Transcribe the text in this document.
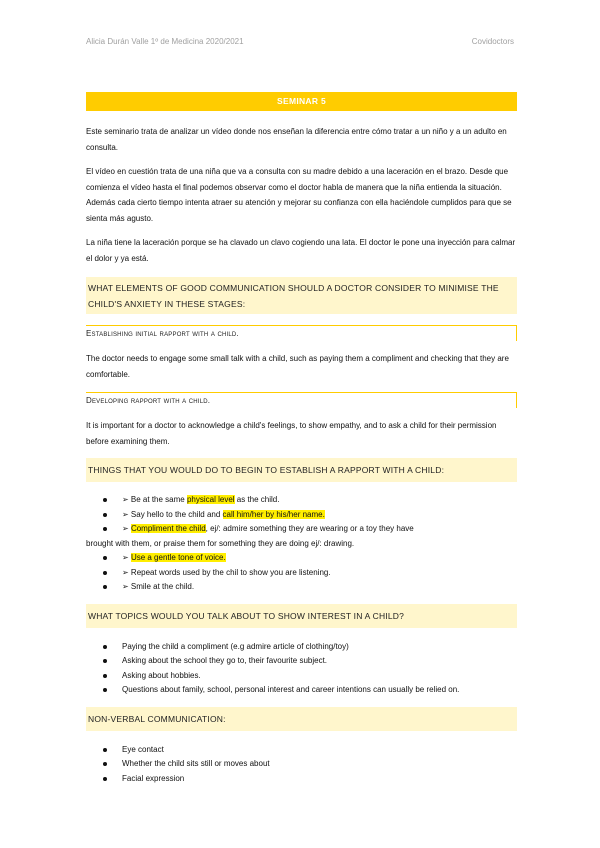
Alicia Durán Valle 1º de Medicina 2020/2021	Covidoctors
SEMINAR 5

Este seminario trata de analizar un vídeo donde nos enseñan la diferencia entre cómo tratar a un niño y a un adulto en consulta.

El vídeo en cuestión trata de una niña que va a consulta con su madre debido a una laceración en el brazo. Desde que comienza el vídeo hasta el final podemos observar como el doctor habla de manera que la niña entienda la situación. Además cada cierto tiempo intenta atraer su atención y mejorar su confianza con ella haciéndole cumplidos para que se sienta más agusto.

La niña tiene la laceración porque se ha clavado un clavo cogiendo una lata. El doctor le pone una inyección para calmar el dolor y ya está.

WHAT ELEMENTS OF GOOD COMMUNICATION SHOULD A DOCTOR CONSIDER TO MINIMISE THE CHILD'S ANXIETY IN THESE STAGES:
Establishing initial rapport with a child.

The doctor needs to engage some small talk with a child, such as paying them a compliment and checking that they are comfortable.

Developing rapport with a child.

It is important for a doctor to acknowledge a child's feelings, to show empathy, and to ask a child for their permission before examining them.

THINGS THAT YOU WOULD DO TO BEGIN TO ESTABLISH A RAPPORT WITH A CHILD:
➢ Be at the same physical level as the child.
➢ Say hello to the child and call him/her by his/her name.
➢ Compliment the child, ej/: admire something they are wearing or a toy they have
brought with them, or praise them for something they are doing ej/: drawing.
➢ Use a gentle tone of voice.
➢ Repeat words used by the chil to show you are listening.
➢ Smile at the child.
WHAT TOPICS WOULD YOU TALK ABOUT TO SHOW INTEREST IN A CHILD?
Paying the child a compliment (e.g admire article of clothing/toy)
Asking about the school they go to, their favourite subject.
Asking about hobbies.
Questions about family, school, personal interest and career intentions can usually be relied on.
NON-VERBAL COMMUNICATION:
Eye contact
Whether the child sits still or moves about
Facial expression
